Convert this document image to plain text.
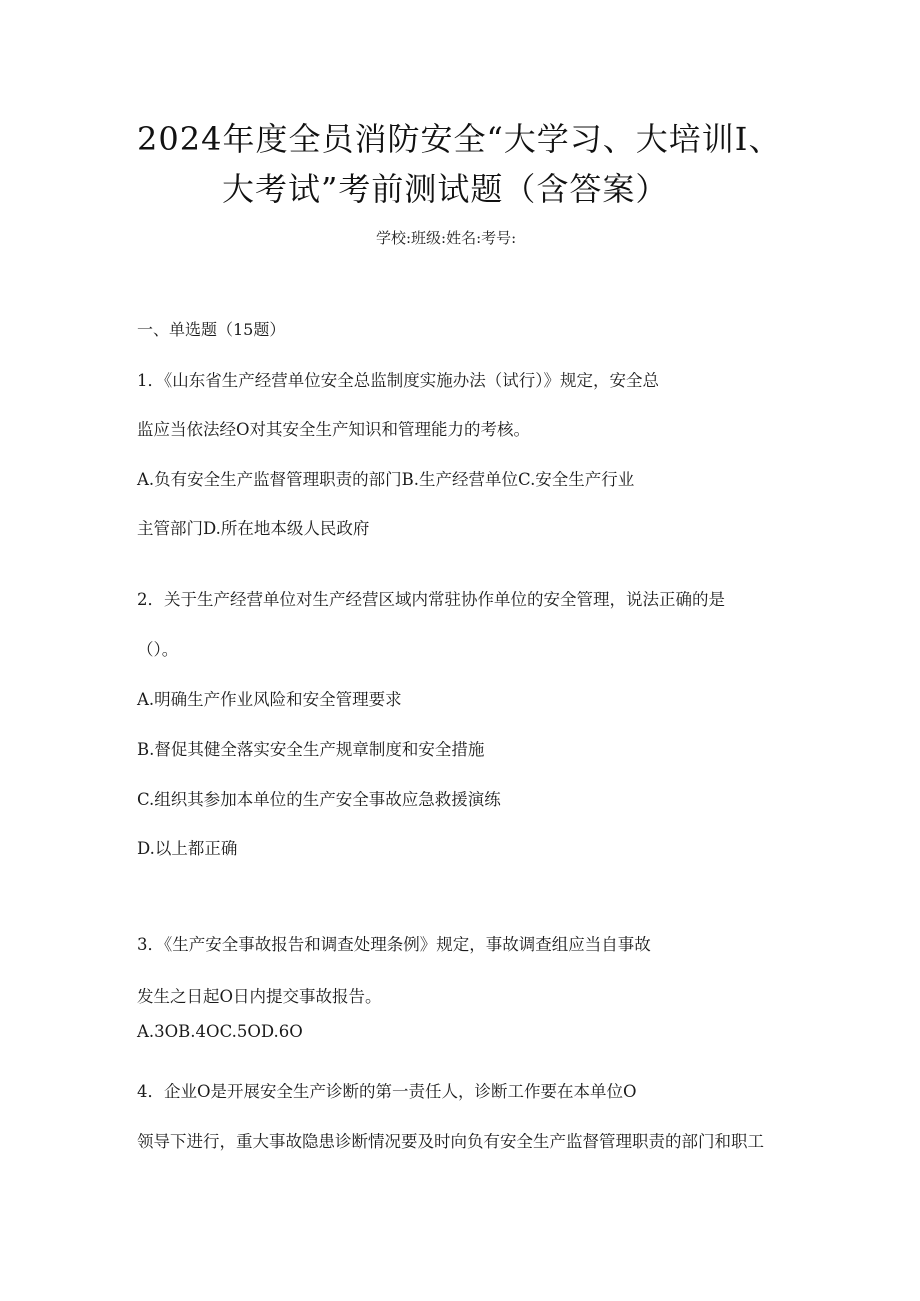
2024年度全员消防安全“大学习、大培训I、
大考试”考前测试题（含答案）
学校:班级:姓名:考号:
一、单选题（15题）
1．《山东省生产经营单位安全总监制度实施办法（试行）》规定，安全总
监应当依法经O对其安全生产知识和管理能力的考核。
A.负有安全生产监督管理职责的部门B.生产经营单位C.安全生产行业
主管部门D.所在地本级人民政府
2．关于生产经营单位对生产经营区域内常驻协作单位的安全管理，说法正确的是
（）。
A.明确生产作业风险和安全管理要求
B.督促其健全落实安全生产规章制度和安全措施
C.组织其参加本单位的生产安全事故应急救援演练
D.以上都正确
3．《生产安全事故报告和调查处理条例》规定，事故调查组应当自事故
发生之日起O日内提交事故报告。
A.3OB.4OC.5OD.6O
4．企业O是开展安全生产诊断的第一责任人，诊断工作要在本单位O
领导下进行，重大事故隐患诊断情况要及时向负有安全生产监督管理职责的部门和职工
